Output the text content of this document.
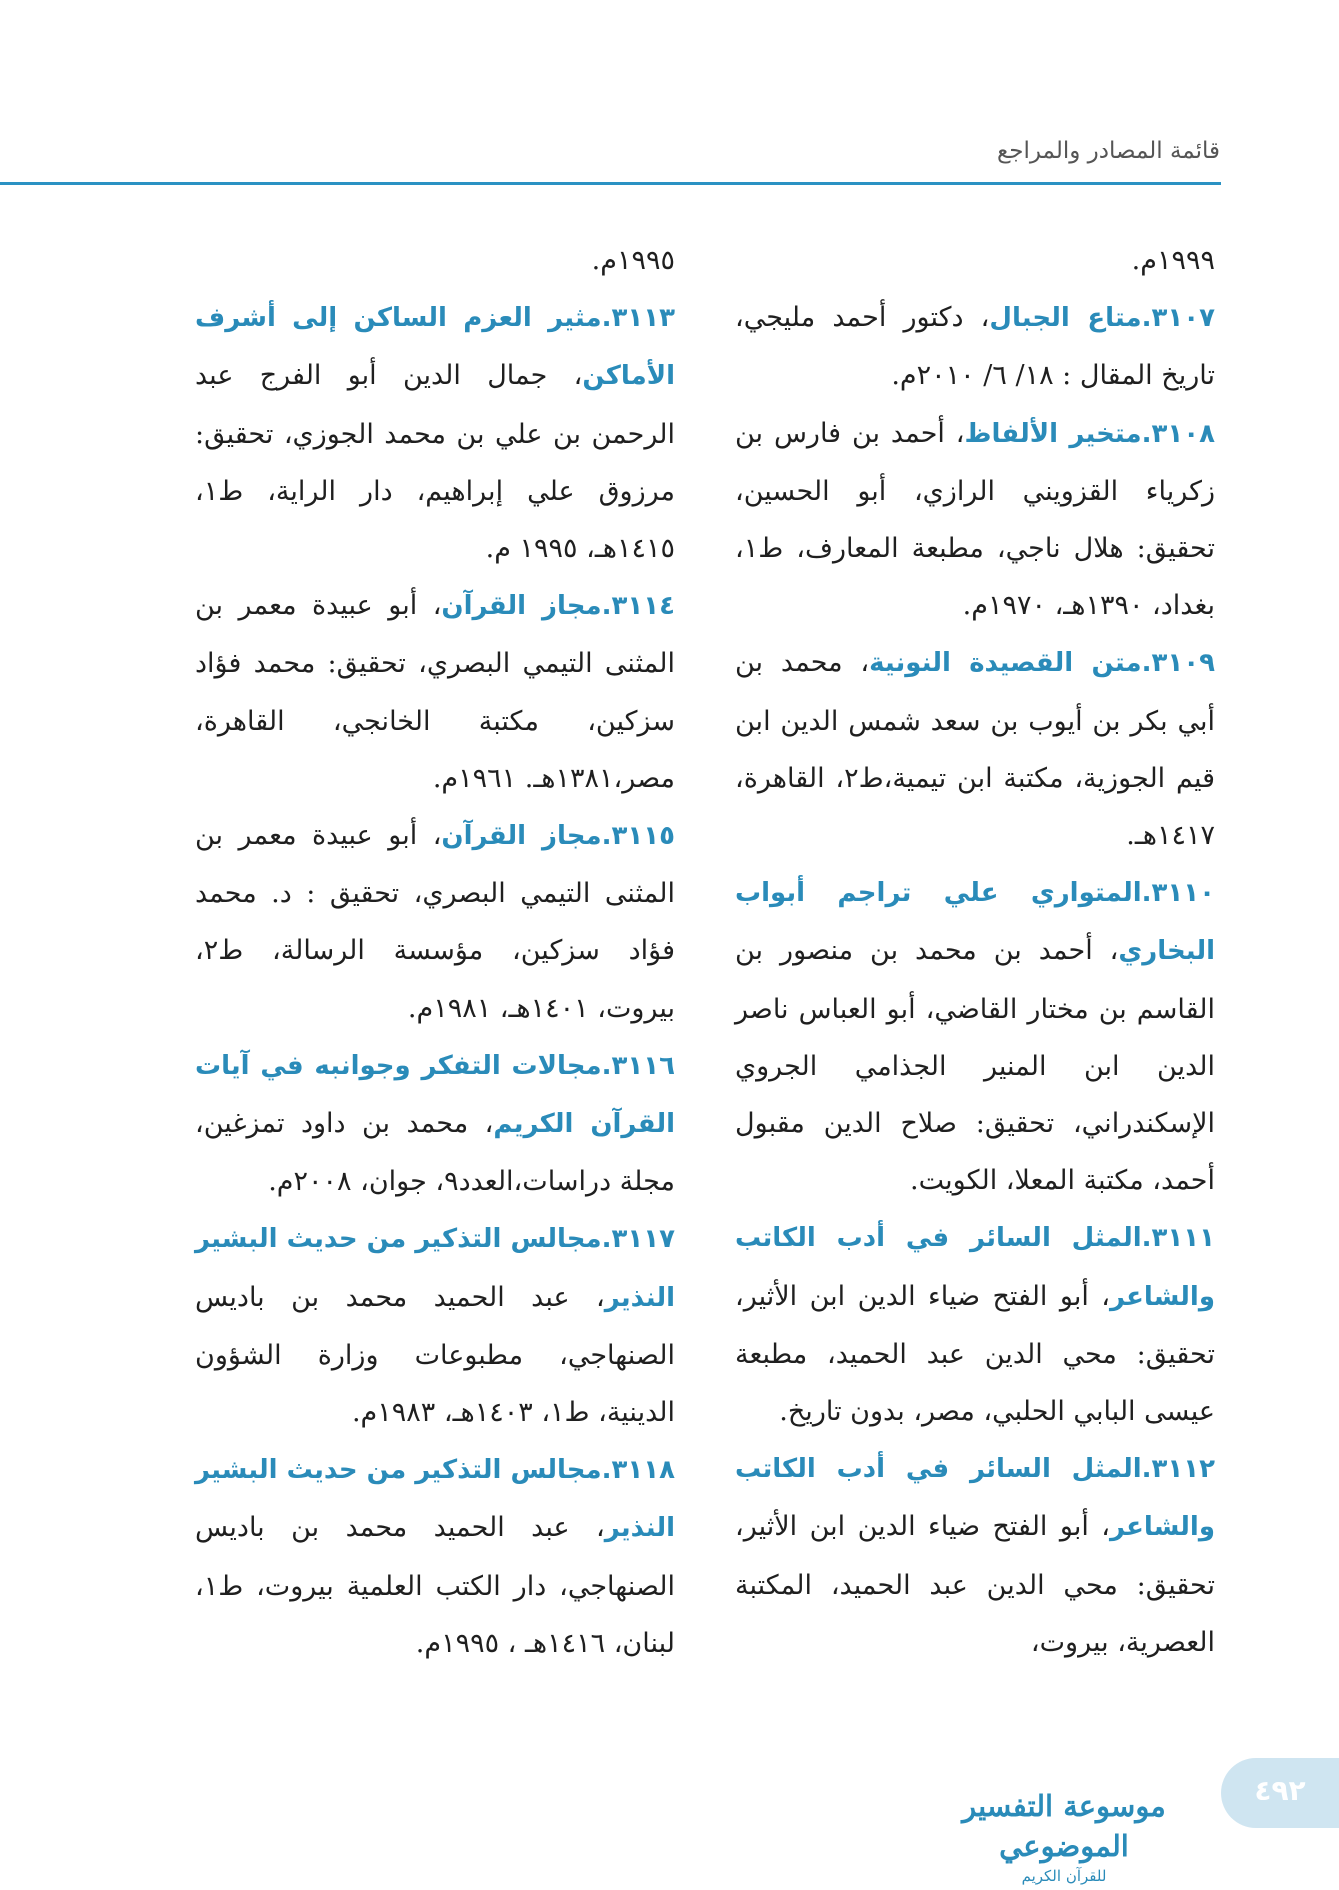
قائمة المصادر والمراجع

١٩٩٩م.

٣١٠٧.متاع الجبال، دكتور أحمد مليجي، تاريخ المقال : ١٨/ ٦/ ٢٠١٠م.

٣١٠٨.متخير الألفاظ، أحمد بن فارس بن زكرياء القزويني الرازي، أبو الحسين، تحقيق: هلال ناجي، مطبعة المعارف، ط١، بغداد، ١٣٩٠هـ، ١٩٧٠م.

٣١٠٩.متن القصيدة النونية، محمد بن أبي بكر بن أيوب بن سعد شمس الدين ابن قيم الجوزية، مكتبة ابن تيمية،ط٢، القاهرة، ١٤١٧هـ.

٣١١٠.المتواري علي تراجم أبواب البخاري، أحمد بن محمد بن منصور بن القاسم بن مختار القاضي، أبو العباس ناصر الدين ابن المنير الجذامي الجروي الإسكندراني، تحقيق: صلاح الدين مقبول أحمد، مكتبة المعلا، الكويت.

٣١١١.المثل السائر في أدب الكاتب والشاعر، أبو الفتح ضياء الدين ابن الأثير، تحقيق: محي الدين عبد الحميد، مطبعة عيسى البابي الحلبي، مصر، بدون تاريخ.

٣١١٢.المثل السائر في أدب الكاتب والشاعر، أبو الفتح ضياء الدين ابن الأثير، تحقيق: محي الدين عبد الحميد، المكتبة العصرية، بيروت،

١٩٩٥م.

٣١١٣.مثير العزم الساكن إلى أشرف الأماكن، جمال الدين أبو الفرج عبد الرحمن بن علي بن محمد الجوزي، تحقيق: مرزوق علي إبراهيم، دار الراية، ط١، ١٤١٥هـ، ١٩٩٥ م.

٣١١٤.مجاز القرآن، أبو عبيدة معمر بن المثنى التيمي البصري، تحقيق: محمد فؤاد سزكين، مكتبة الخانجي، القاهرة، مصر،١٣٨١هـ. ١٩٦١م.

٣١١٥.مجاز القرآن، أبو عبيدة معمر بن المثنى التيمي البصري، تحقيق : د. محمد فؤاد سزكين، مؤسسة الرسالة، ط٢، بيروت، ١٤٠١هـ، ١٩٨١م.

٣١١٦.مجالات التفكر وجوانبه في آيات القرآن الكريم، محمد بن داود تمزغين، مجلة دراسات،العدد٩، جوان، ٢٠٠٨م.

٣١١٧.مجالس التذكير من حديث البشير النذير، عبد الحميد محمد بن باديس الصنهاجي، مطبوعات وزارة الشؤون الدينية، ط١، ١٤٠٣هـ، ١٩٨٣م.

٣١١٨.مجالس التذكير من حديث البشير النذير، عبد الحميد محمد بن باديس الصنهاجي، دار الكتب العلمية بيروت، ط١، لبنان، ١٤١٦هـ ، ١٩٩٥م.

موسوعة التفسير الموضوعي
للقرآن الكريم
٤٩٢
